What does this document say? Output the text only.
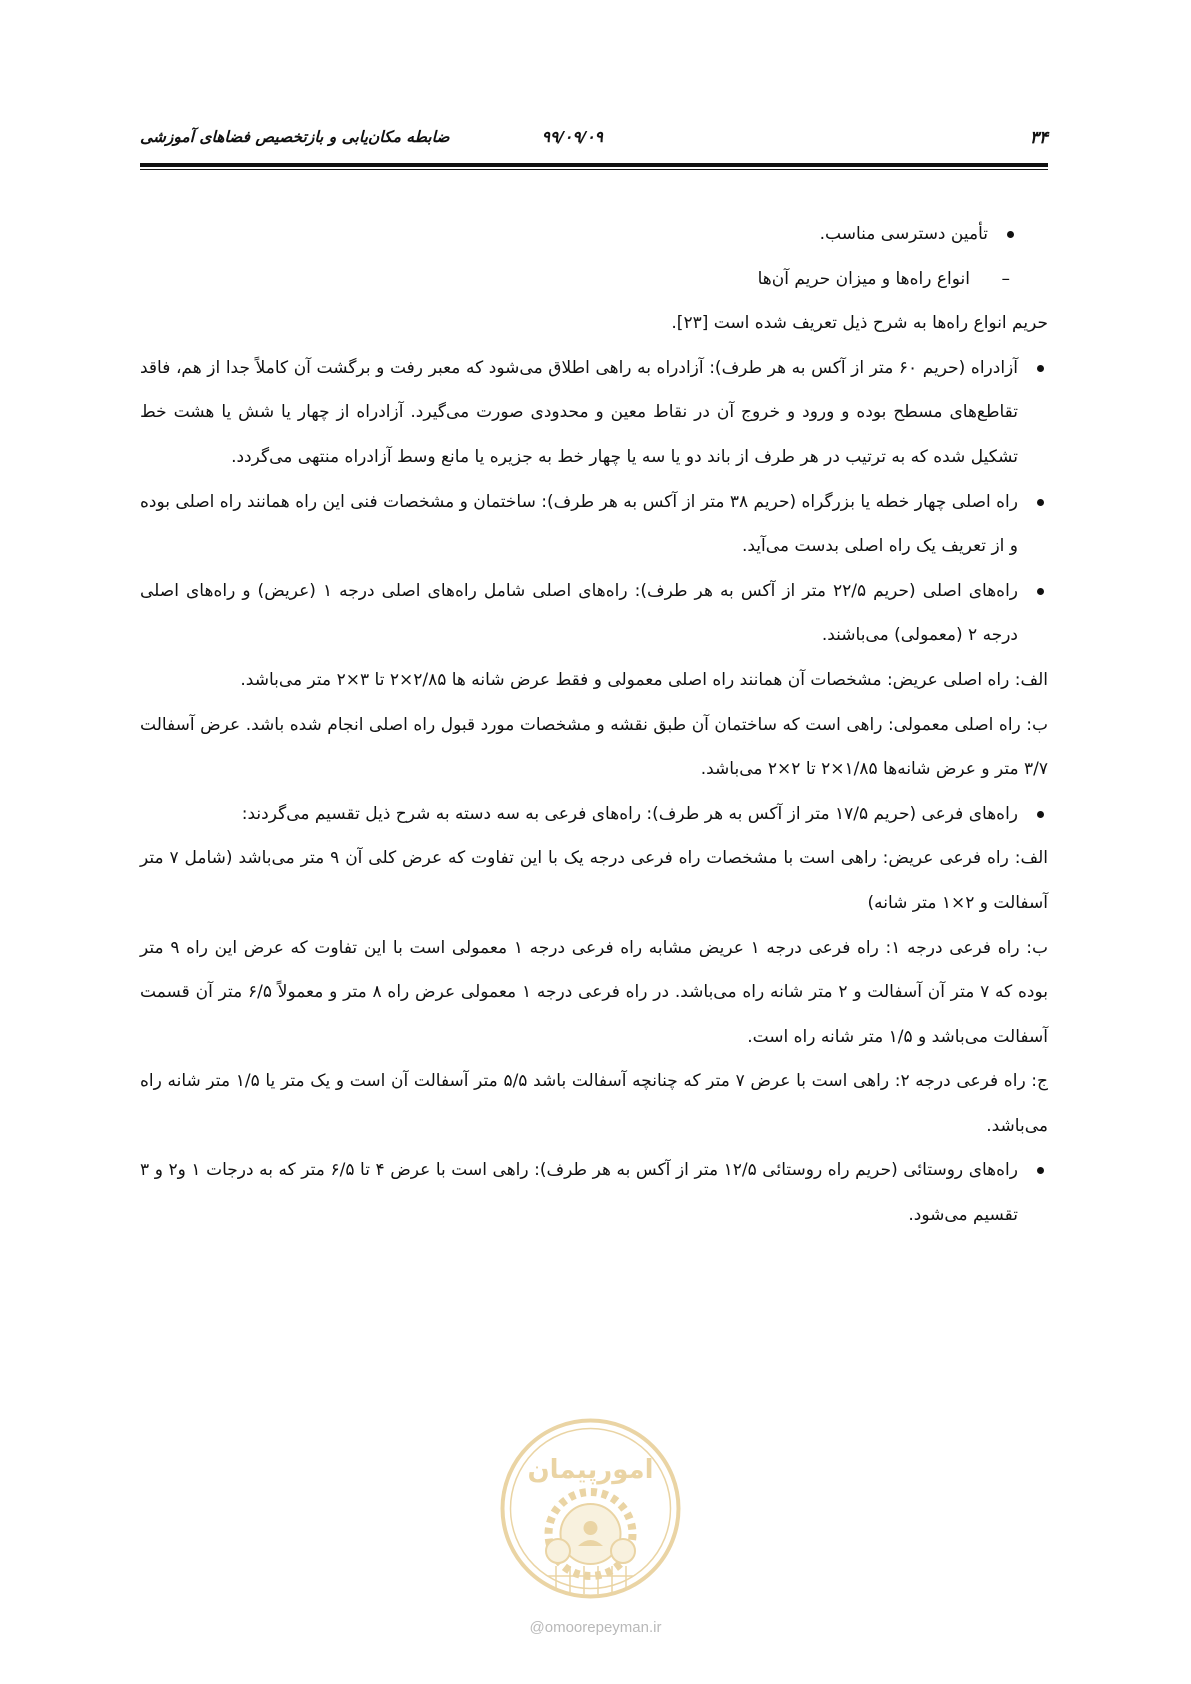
۳۴
۹۹/۰۹/۰۹
ضابطه مکان‌یابی و بازتخصیص فضاهای آموزشی

تأمین دسترسی مناسب.

–
انواع راه‌ها و میزان حریم آن‌ها

حریم انواع راه‌ها به شرح ذیل تعریف شده است [۲۳].

آزادراه (حریم ۶۰ متر از آکس به هر طرف): آزادراه به راهی اطلاق می‌شود که معبر رفت و برگشت آن کاملاً جدا از هم، فاقد تقاطع‌های مسطح بوده و ورود و خروج آن در نقاط معین و محدودی صورت می‌گیرد. آزادراه از چهار یا شش یا هشت خط تشکیل شده که به ترتیب در هر طرف از باند دو یا سه یا چهار خط به جزیره یا مانع وسط آزادراه منتهی می‌گردد.

راه اصلی چهار خطه یا بزرگراه (حریم ۳۸ متر از آکس به هر طرف): ساختمان و مشخصات فنی این راه همانند راه اصلی بوده و از تعریف یک راه اصلی بدست می‌آید.

راه‌های اصلی (حریم ۲۲/۵ متر از آکس به هر طرف): راه‌های اصلی شامل راه‌های اصلی درجه ۱ (عریض) و راه‌های اصلی درجه ۲ (معمولی) می‌باشند.

الف: راه اصلی عریض: مشخصات آن همانند راه اصلی معمولی و فقط عرض شانه ها ۲/۸۵×۲ تا ۳×۲ متر می‌باشد.

ب: راه اصلی معمولی: راهی است که ساختمان آن طبق نقشه و مشخصات مورد قبول راه اصلی انجام شده باشد. عرض آسفالت ۳/۷ متر و عرض شانه‌ها ۱/۸۵×۲ تا ۲×۲ می‌باشد.

راه‌های فرعی (حریم ۱۷/۵ متر از آکس به هر طرف): راه‌های فرعی به سه دسته به شرح ذیل تقسیم می‌گردند:

الف: راه فرعی عریض: راهی است با مشخصات راه فرعی درجه یک با این تفاوت که عرض کلی آن ۹ متر می‌باشد (شامل ۷ متر آسفالت و ۲×۱ متر شانه)

ب: راه فرعی درجه ۱: راه فرعی درجه ۱ عریض مشابه راه فرعی درجه ۱ معمولی است با این تفاوت که عرض این راه ۹ متر بوده که ۷ متر آن آسفالت و ۲ متر شانه راه می‌باشد. در راه فرعی درجه ۱ معمولی عرض راه ۸ متر و معمولاً ۶/۵ متر آن قسمت آسفالت می‌باشد و ۱/۵ متر شانه راه است.

ج: راه فرعی درجه ۲: راهی است با عرض ۷ متر که چنانچه آسفالت باشد ۵/۵ متر آسفالت آن است و یک متر یا ۱/۵ متر شانه راه می‌باشد.

راه‌های روستائی (حریم راه روستائی ۱۲/۵ متر از آکس به هر طرف): راهی است با عرض ۴ تا ۶/۵ متر که به درجات ۱ و۲ و ۳ تقسیم می‌شود.

امورپیمان
@omoorepeyman.ir
